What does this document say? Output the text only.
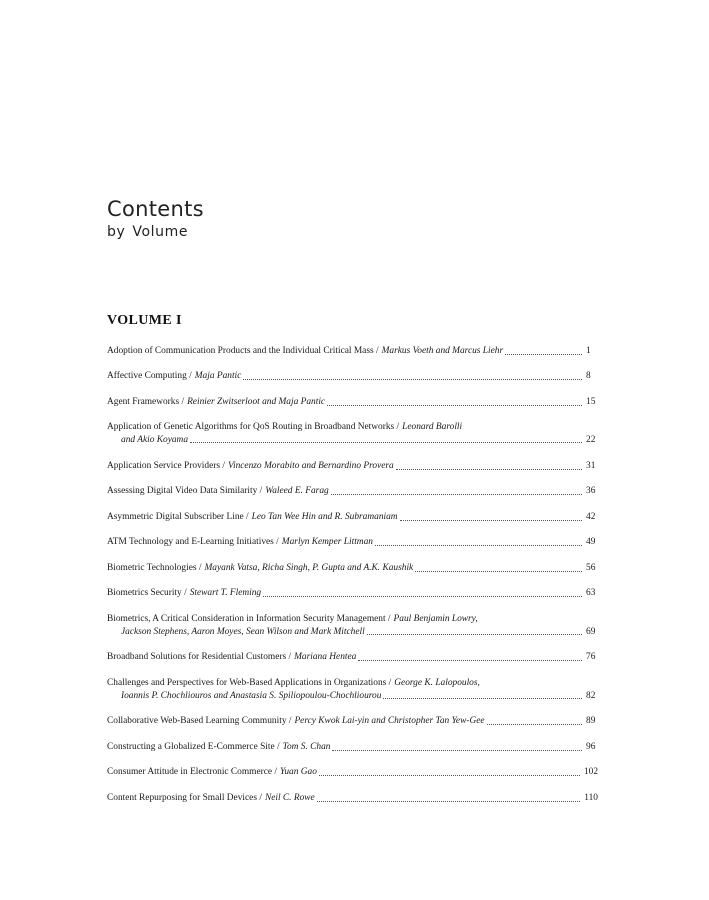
Contents
by Volume
VOLUME I
Adoption of Communication Products and the Individual Critical Mass / Markus Voeth and Marcus Liehr	1
Affective Computing / Maja Pantic	8
Agent Frameworks / Reinier Zwitserloot and Maja Pantic	15
Application of Genetic Algorithms for QoS Routing in Broadband Networks / Leonard Barolli
and Akio Koyama	22
Application Service Providers / Vincenzo Morabito and Bernardino Provera	31
Assessing Digital Video Data Similarity / Waleed E. Farag	36
Asymmetric Digital Subscriber Line / Leo Tan Wee Hin and R. Subramaniam	42
ATM Technology and E-Learning Initiatives / Marlyn Kemper Littman	49
Biometric Technologies / Mayank Vatsa, Richa Singh, P. Gupta and A.K. Kaushik	56
Biometrics Security / Stewart T. Fleming	63
Biometrics, A Critical Consideration in Information Security Management / Paul Benjamin Lowry,
Jackson Stephens, Aaron Moyes, Sean Wilson and Mark Mitchell	69
Broadband Solutions for Residential Customers / Mariana Hentea	76
Challenges and Perspectives for Web-Based Applications in Organizations / George K. Lalopoulos,
Ioannis P. Chochliouros and Anastasia S. Spiliopoulou-Chochliourou	82
Collaborative Web-Based Learning Community / Percy Kwok Lai-yin and Christopher Tan Yew-Gee	89
Constructing a Globalized E-Commerce Site / Tom S. Chan	96
Consumer Attitude in Electronic Commerce / Yuan Gao	102
Content Repurposing for Small Devices / Neil C. Rowe	110
